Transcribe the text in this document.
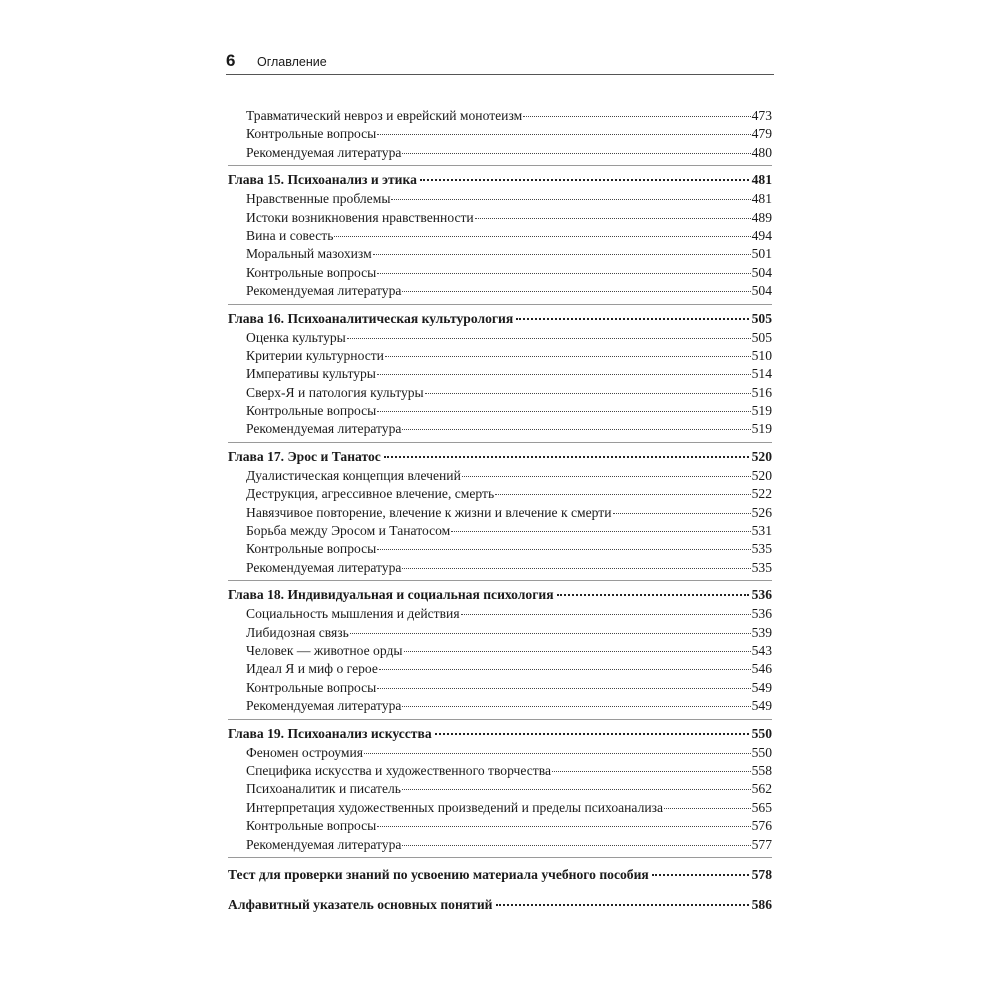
6 Оглавление
Травматический невроз и еврейский монотеизм	473
Контрольные вопросы	479
Рекомендуемая литература	480
Глава 15. Психоанализ и этика	481
Нравственные проблемы	481
Истоки возникновения нравственности	489
Вина и совесть	494
Моральный мазохизм	501
Контрольные вопросы	504
Рекомендуемая литература	504
Глава 16. Психоаналитическая культурология	505
Оценка культуры	505
Критерии культурности	510
Императивы культуры	514
Сверх-Я и патология культуры	516
Контрольные вопросы	519
Рекомендуемая литература	519
Глава 17. Эрос и Танатос	520
Дуалистическая концепция влечений	520
Деструкция, агрессивное влечение, смерть	522
Навязчивое повторение, влечение к жизни и влечение к смерти	526
Борьба между Эросом и Танатосом	531
Контрольные вопросы	535
Рекомендуемая литература	535
Глава 18. Индивидуальная и социальная психология	536
Социальность мышления и действия	536
Либидозная связь	539
Человек — животное орды	543
Идеал Я и миф о герое	546
Контрольные вопросы	549
Рекомендуемая литература	549
Глава 19. Психоанализ искусства	550
Феномен остроумия	550
Специфика искусства и художественного творчества	558
Психоаналитик и писатель	562
Интерпретация художественных произведений и пределы психоанализа	565
Контрольные вопросы	576
Рекомендуемая литература	577
Тест для проверки знаний по усвоению материала учебного пособия	578
Алфавитный указатель основных понятий	586
